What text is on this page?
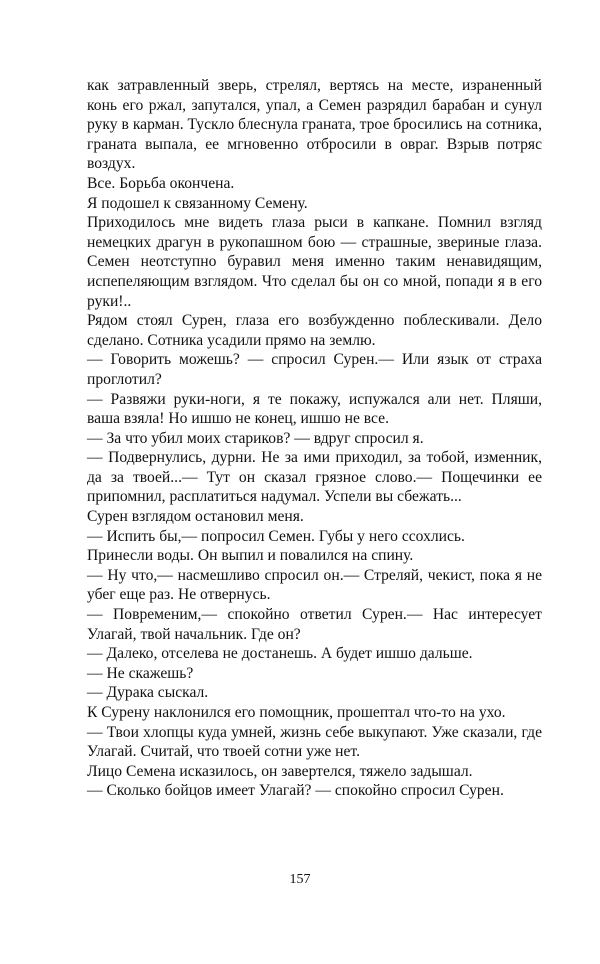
как затравленный зверь, стрелял, вертясь на месте, израненный конь его ржал, запутался, упал, а Семен разрядил барабан и сунул руку в карман. Тускло блеснула граната, трое бросились на сотника, граната выпала, ее мгновенно отбросили в овраг. Взрыв потряс воздух.

Все. Борьба окончена.

Я подошел к связанному Семену.

Приходилось мне видеть глаза рыси в капкане. Помнил взгляд немецких драгун в рукопашном бою — страшные, звериные глаза. Семен неотступно буравил меня именно таким ненавидящим, испепеляющим взглядом. Что сделал бы он со мной, попади я в его руки!..

Рядом стоял Сурен, глаза его возбужденно поблескивали. Дело сделано. Сотника усадили прямо на землю.

— Говорить можешь? — спросил Сурен.— Или язык от страха проглотил?

— Развяжи руки-ноги, я те покажу, испужался али нет. Пляши, ваша взяла! Но ишшо не конец, ишшо не все.

— За что убил моих стариков? — вдруг спросил я.

— Подвернулись, дурни. Не за ими приходил, за тобой, изменник, да за твоей...— Тут он сказал грязное слово.— Пощечинки ее припомнил, расплатиться надумал. Успели вы сбежать...

Сурен взглядом остановил меня.

— Испить бы,— попросил Семен. Губы у него ссохлись.

Принесли воды. Он выпил и повалился на спину.

— Ну что,— насмешливо спросил он.— Стреляй, чекист, пока я не убег еще раз. Не отвернусь.

— Повременим,— спокойно ответил Сурен.— Нас интересует Улагай, твой начальник. Где он?

— Далеко, отселева не достанешь. А будет ишшо дальше.

— Не скажешь?

— Дурака сыскал.

К Сурену наклонился его помощник, прошептал что-то на ухо.

— Твои хлопцы куда умней, жизнь себе выкупают. Уже сказали, где Улагай. Считай, что твоей сотни уже нет.

Лицо Семена исказилось, он завертелся, тяжело задышал.

— Сколько бойцов имеет Улагай? — спокойно спросил Сурен.

157
